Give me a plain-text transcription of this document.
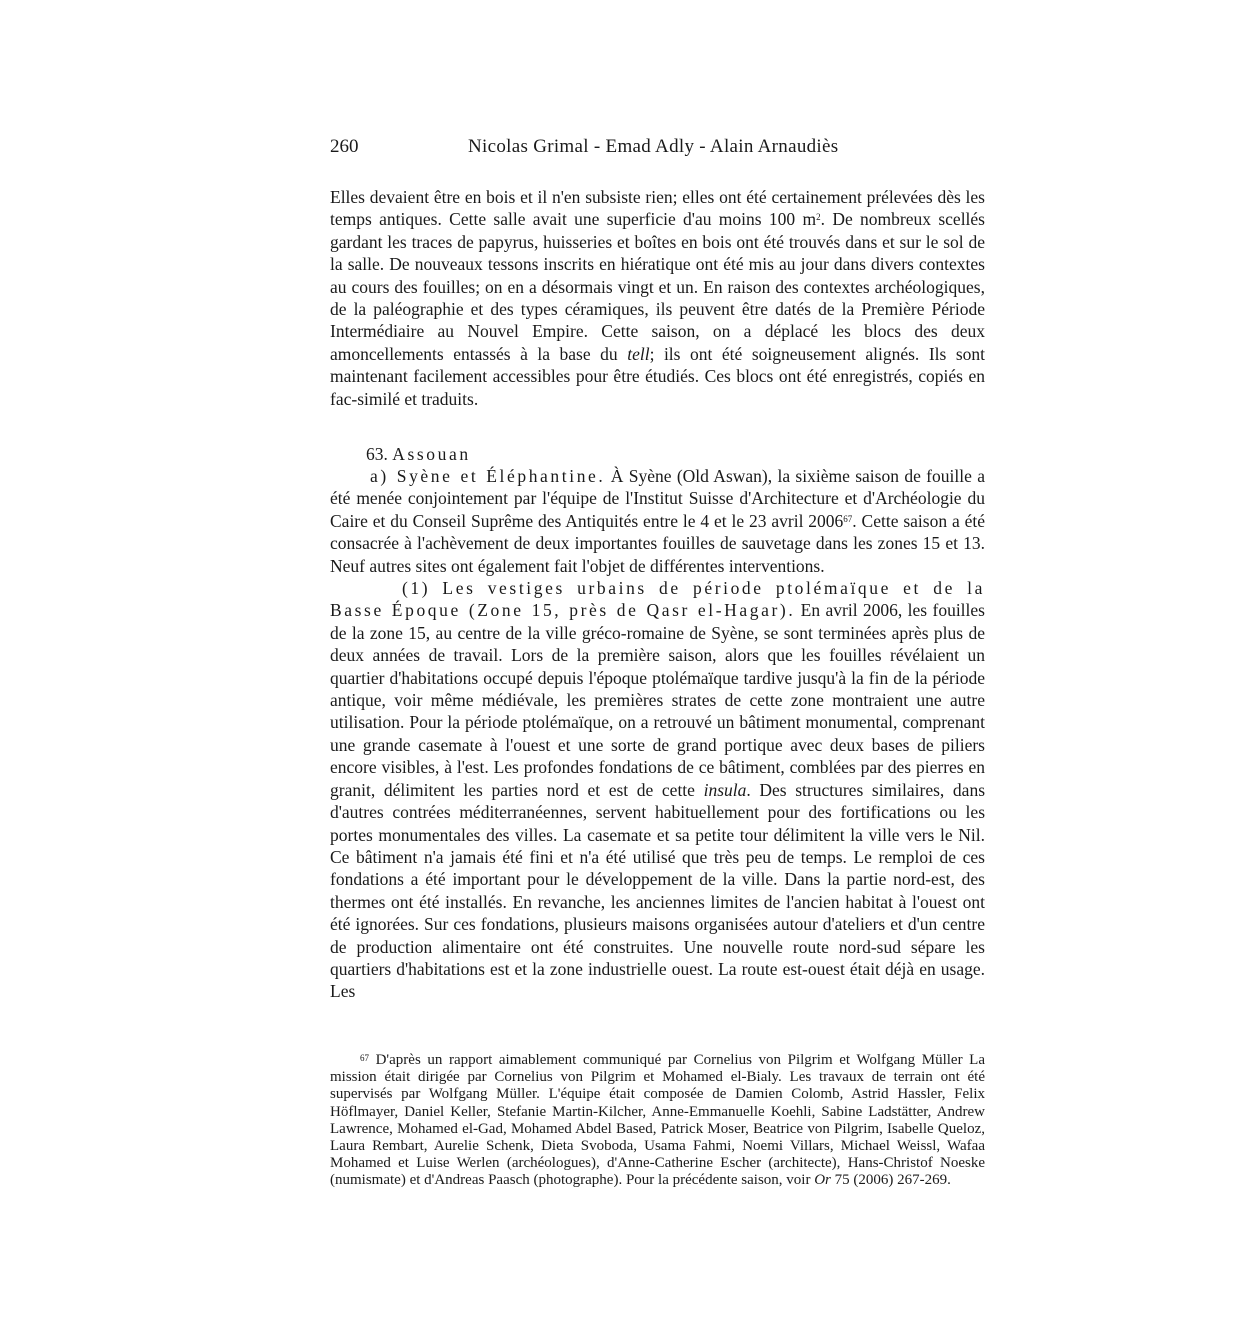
260	Nicolas Grimal - Emad Adly - Alain Arnaudiès

Elles devaient être en bois et il n'en subsiste rien; elles ont été certainement prélevées dès les temps antiques. Cette salle avait une superficie d'au moins 100 $m^2$. De nombreux scellés gardant les traces de papyrus, huisseries et boîtes en bois ont été trouvés dans et sur le sol de la salle. De nouveaux tessons inscrits en hiératique ont été mis au jour dans divers contextes au cours des fouilles; on en a désormais vingt et un. En raison des contextes archéologiques, de la paléographie et des types céramiques, ils peuvent être datés de la Première Période Intermédiaire au Nouvel Empire. Cette saison, on a déplacé les blocs des deux amoncellements entassés à la base du tell; ils ont été soigneusement alignés. Ils sont maintenant facilement accessibles pour être étudiés. Ces blocs ont été enregistrés, copiés en fac-similé et traduits.

63. Assouan

a) Syène et Éléphantine. À Syène (Old Aswan), la sixième saison de fouille a été menée conjointement par l'équipe de l'Institut Suisse d'Architecture et d'Archéologie du Caire et du Conseil Suprême des Antiquités entre le 4 et le 23 avril 2006$^{67}$. Cette saison a été consacrée à l'achèvement de deux importantes fouilles de sauvetage dans les zones 15 et 13. Neuf autres sites ont également fait l'objet de différentes interventions.

(1) Les vestiges urbains de période ptolémaïque et de la Basse Époque (Zone 15, près de Qasr el-Hagar). En avril 2006, les fouilles de la zone 15, au centre de la ville gréco-romaine de Syène, se sont terminées après plus de deux années de travail. Lors de la première saison, alors que les fouilles révélaient un quartier d'habitations occupé depuis l'époque ptolémaïque tardive jusqu'à la fin de la période antique, voir même médiévale, les premières strates de cette zone montraient une autre utilisation. Pour la période ptolémaïque, on a retrouvé un bâtiment monumental, comprenant une grande casemate à l'ouest et une sorte de grand portique avec deux bases de piliers encore visibles, à l'est. Les profondes fondations de ce bâtiment, comblées par des pierres en granit, délimitent les parties nord et est de cette insula. Des structures similaires, dans d'autres contrées méditerranéennes, servent habituellement pour des fortifications ou les portes monumentales des villes. La casemate et sa petite tour délimitent la ville vers le Nil. Ce bâtiment n'a jamais été fini et n'a été utilisé que très peu de temps. Le remploi de ces fondations a été important pour le développement de la ville. Dans la partie nord-est, des thermes ont été installés. En revanche, les anciennes limites de l'ancien habitat à l'ouest ont été ignorées. Sur ces fondations, plusieurs maisons organisées autour d'ateliers et d'un centre de production alimentaire ont été construites. Une nouvelle route nord-sud sépare les quartiers d'habitations est et la zone industrielle ouest. La route est-ouest était déjà en usage. Les

$^{67}$ D'après un rapport aimablement communiqué par Cornelius von Pilgrim et Wolfgang Müller La mission était dirigée par Cornelius von Pilgrim et Mohamed el-Bialy. Les travaux de terrain ont été supervisés par Wolfgang Müller. L'équipe était composée de Damien Colomb, Astrid Hassler, Felix Höflmayer, Daniel Keller, Stefanie Martin-Kilcher, Anne-Emmanuelle Koehli, Sabine Ladstätter, Andrew Lawrence, Mohamed el-Gad, Mohamed Abdel Based, Patrick Moser, Beatrice von Pilgrim, Isabelle Queloz, Laura Rembart, Aurelie Schenk, Dieta Svoboda, Usama Fahmi, Noemi Villars, Michael Weissl, Wafaa Mohamed et Luise Werlen (archéologues), d'Anne-Catherine Escher (architecte), Hans-Christof Noeske (numismate) et d'Andreas Paasch (photographe). Pour la précédente saison, voir Or 75 (2006) 267-269.
